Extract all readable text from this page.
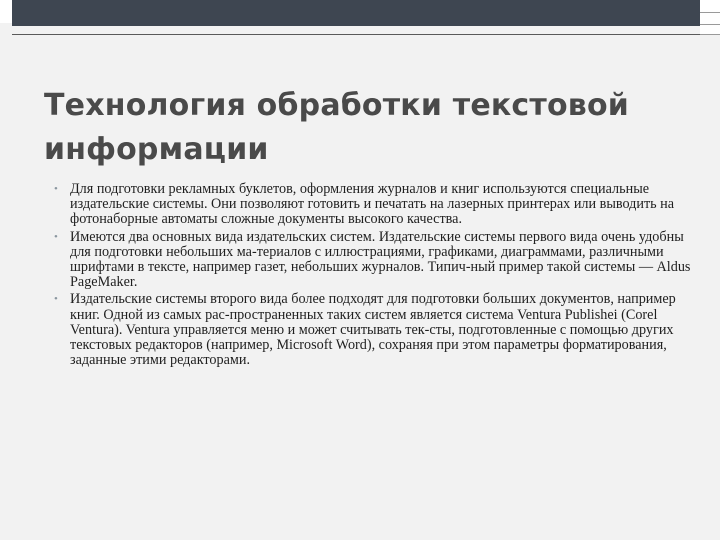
Технология обработки текстовой информации
• Для подготовки рекламных буклетов, оформления журналов и книг используются специальные издательские системы. Они позволяют готовить и печатать на лазерных принтерах или выводить на фотонаборные автоматы сложные документы высокого качества.
• Имеются два основных вида издательских систем. Издательские системы первого вида очень удобны для подготовки небольших ма-териалов с иллюстрациями, графиками, диаграммами, различными шрифтами в тексте, например газет, небольших журналов. Типич-ный пример такой системы — Aldus PageMaker.
• Издательские системы второго вида более подходят для подготовки больших документов, например книг. Одной из самых рас-пространенных таких систем является система Ventura Publishei (Corel Ventura). Ventura управляется меню и может считывать тек-сты, подготовленные с помощью других текстовых редакторов (например, Microsoft Word), сохраняя при этом параметры форматирования, заданные этими редакторами.
